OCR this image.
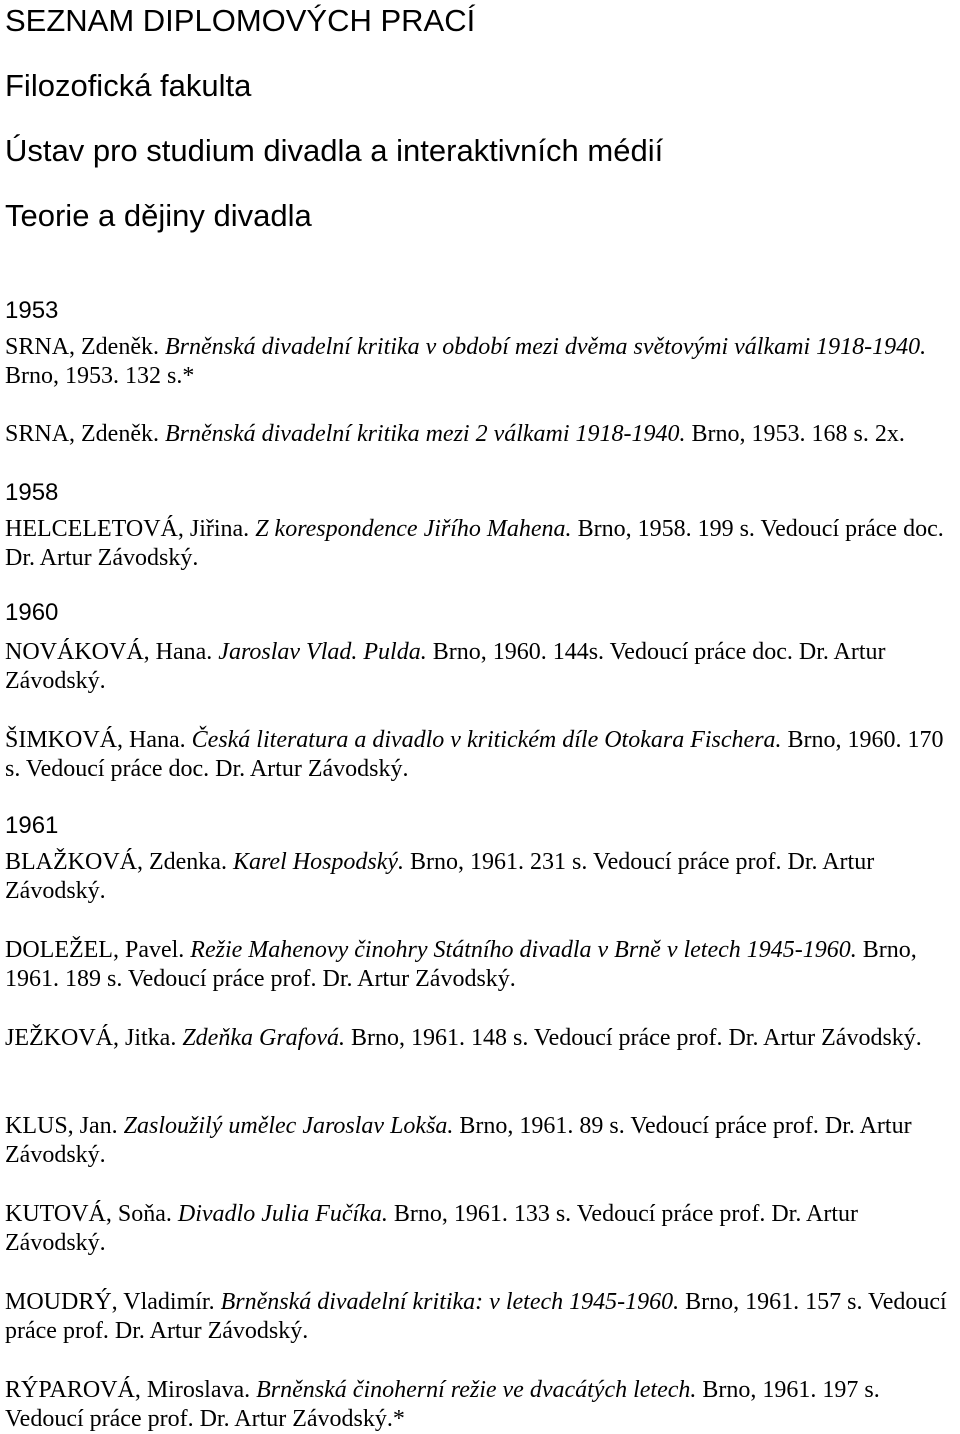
SEZNAM DIPLOMOVÝCH PRACÍ
Filozofická fakulta
Ústav pro studium divadla a interaktivních médií
Teorie a dějiny divadla
1953

SRNA, Zdeněk. Brněnská divadelní kritika v období mezi dvěma světovými válkami 1918-1940. Brno, 1953. 132 s.*

SRNA, Zdeněk. Brněnská divadelní kritika mezi 2 válkami 1918-1940. Brno, 1953. 168 s. 2x.

1958

HELCELETOVÁ, Jiřina. Z korespondence Jiřího Mahena. Brno, 1958. 199 s. Vedoucí práce doc. Dr. Artur Závodský.

1960

NOVÁKOVÁ, Hana. Jaroslav Vlad. Pulda. Brno, 1960. 144s. Vedoucí práce doc. Dr. Artur Závodský.

ŠIMKOVÁ, Hana. Česká literatura a divadlo v kritickém díle Otokara Fischera. Brno, 1960. 170 s. Vedoucí práce doc. Dr. Artur Závodský.

1961

BLAŽKOVÁ, Zdenka. Karel Hospodský. Brno, 1961. 231 s. Vedoucí práce prof. Dr. Artur Závodský.

DOLEŽEL, Pavel. Režie Mahenovy činohry Státního divadla v Brně v letech 1945-1960. Brno, 1961. 189 s. Vedoucí práce prof. Dr. Artur Závodský.

JEŽKOVÁ, Jitka. Zdeňka Grafová. Brno, 1961. 148 s. Vedoucí práce prof. Dr. Artur Závodský.

KLUS, Jan. Zasloužilý umělec Jaroslav Lokša. Brno, 1961. 89 s. Vedoucí práce prof. Dr. Artur Závodský.

KUTOVÁ, Soňa. Divadlo Julia Fučíka. Brno, 1961. 133 s. Vedoucí práce prof. Dr. Artur Závodský.

MOUDRÝ, Vladimír. Brněnská divadelní kritika: v letech 1945-1960. Brno, 1961. 157 s. Vedoucí práce prof. Dr. Artur Závodský.

RÝPAROVÁ, Miroslava. Brněnská činoherní režie ve dvacátých letech. Brno, 1961. 197 s. Vedoucí práce prof. Dr. Artur Závodský.*
